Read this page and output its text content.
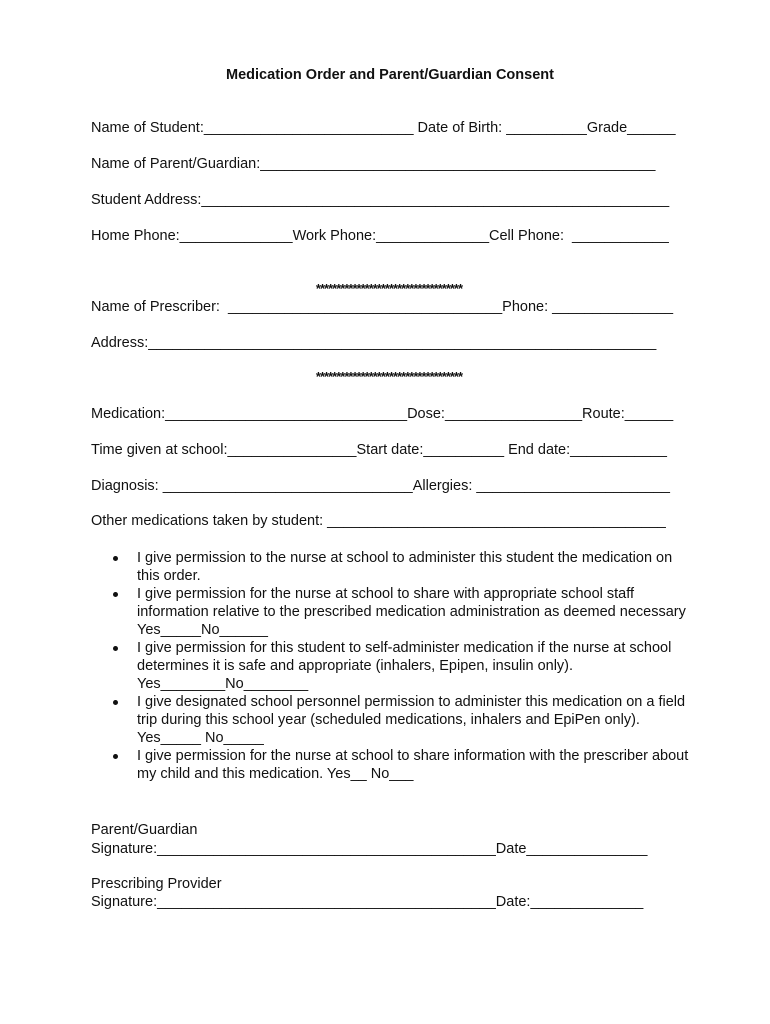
Medication Order and Parent/Guardian Consent
Name of Student:__________________________ Date of Birth: __________Grade______
Name of Parent/Guardian:_________________________________________________
Student Address:__________________________________________________________
Home Phone:______________Work Phone:______________Cell Phone:  ____________
************************************
Name of Prescriber:  __________________________________Phone: _______________
Address:_______________________________________________________________
************************************
Medication:______________________________Dose:_________________Route:______
Time given at school:________________Start date:__________ End date:____________
Diagnosis: _______________________________Allergies: ________________________
Other medications taken by student: __________________________________________
I give permission to the nurse at school to administer this student the medication on
this order.
I give permission for the nurse at school to share with appropriate school staff
information relative to the prescribed medication administration as deemed necessary
Yes_____No______
I give permission for this student to self-administer medication if the nurse at school
determines it is safe and appropriate (inhalers, Epipen, insulin only).
Yes________No________
I give designated school personnel permission to administer this medication on a field
trip during this school year (scheduled medications, inhalers and EpiPen only).
Yes_____ No_____
I give permission for the nurse at school to share information with the prescriber about
my child and this medication. Yes__ No___
Parent/Guardian
Signature:__________________________________________Date_______________
Prescribing Provider
Signature:__________________________________________Date:______________
